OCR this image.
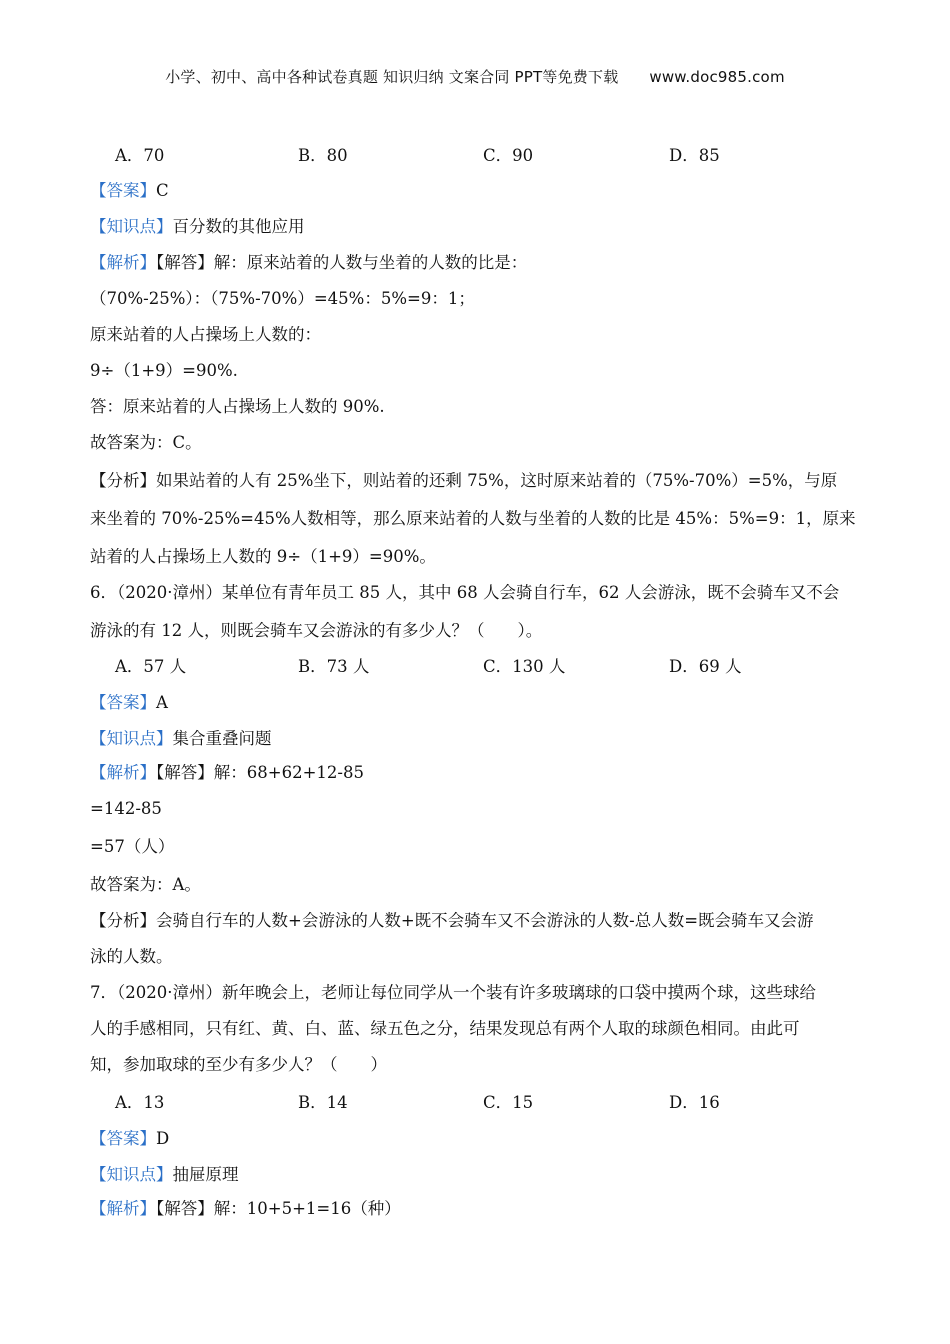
小学、初中、高中各种试卷真题 知识归纳 文案合同 PPT等免费下载 www.doc985.com
A．70	B．80	C．90	D．85
【答案】C
【知识点】百分数的其他应用
【解析】【解答】解：原来站着的人数与坐着的人数的比是：
（70%-25%）：（75%-70%）=45%：5%=9：1；
原来站着的人占操场上人数的：
9÷（1+9）=90%.
答：原来站着的人占操场上人数的 90%.
故答案为：C。
【分析】如果站着的人有 25%坐下，则站着的还剩 75%，这时原来站着的（75%-70%）=5%，与原
来坐着的 70%-25%=45%人数相等，那么原来站着的人数与坐着的人数的比是 45%：5%=9：1，原来
站着的人占操场上人数的 9÷（1+9）=90%。
6．（2020·漳州）某单位有青年员工 85 人，其中 68 人会骑自行车，62 人会游泳，既不会骑车又不会
游泳的有 12 人，则既会骑车又会游泳的有多少人？（　　）。
A．57 人	B．73 人	C．130 人	D．69 人
【答案】A
【知识点】集合重叠问题
【解析】【解答】解：68+62+12-85
=142-85
=57（人）
故答案为：A。
【分析】会骑自行车的人数+会游泳的人数+既不会骑车又不会游泳的人数-总人数=既会骑车又会游
泳的人数。
7．（2020·漳州）新年晚会上，老师让每位同学从一个装有许多玻璃球的口袋中摸两个球，这些球给
人的手感相同，只有红、黄、白、蓝、绿五色之分，结果发现总有两个人取的球颜色相同。由此可
知，参加取球的至少有多少人？（　　）
A．13	B．14	C．15	D．16
【答案】D
【知识点】抽屉原理
【解析】【解答】解：10+5+1=16（种）
